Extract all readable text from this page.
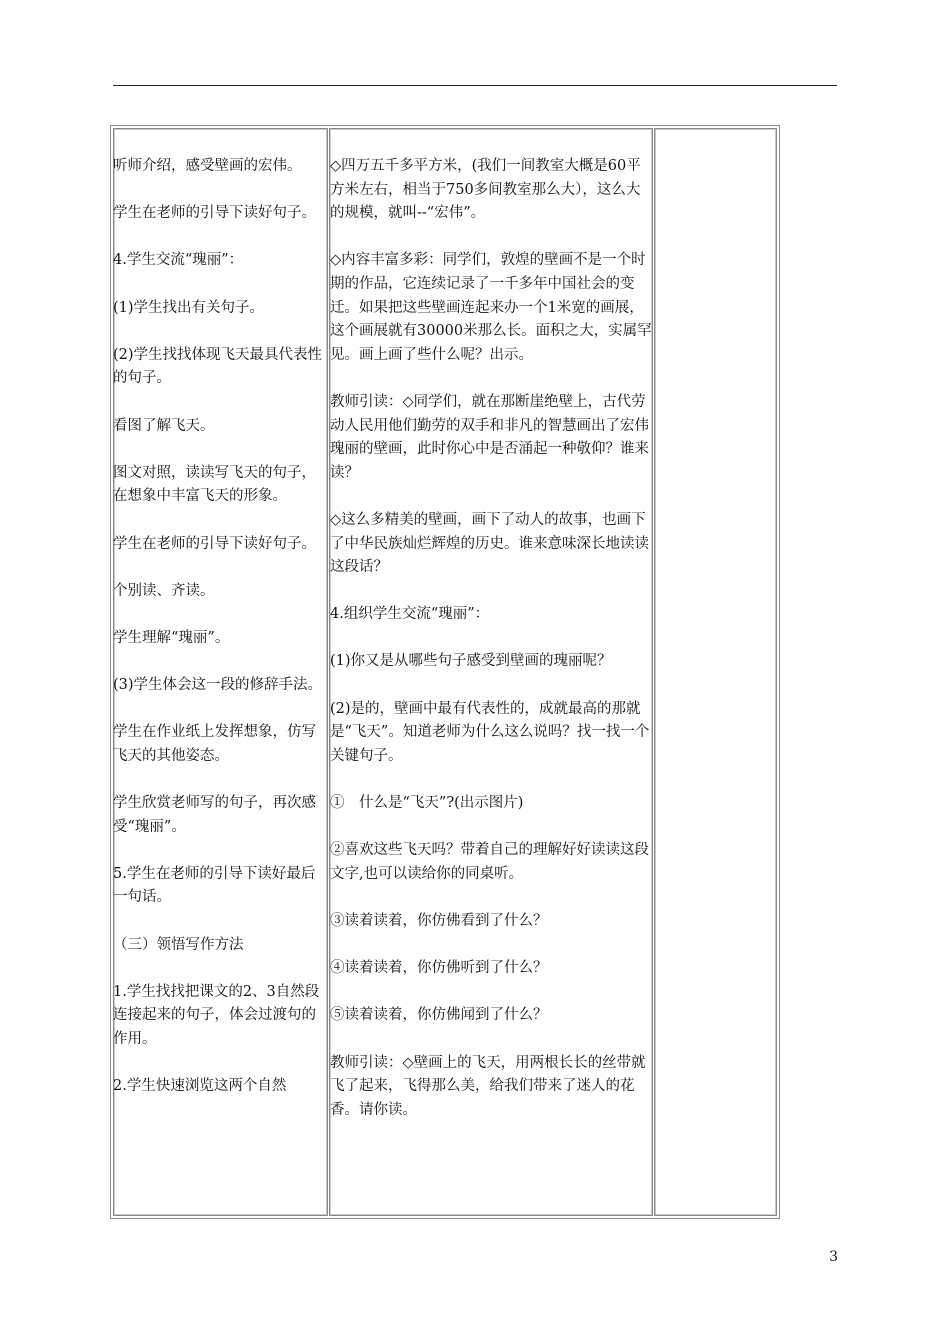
听师介绍，感受壁画的宏伟。

学生在老师的引导下读好句子。

4.学生交流“瑰丽”：

(1)学生找出有关句子。

(2)学生找找体现飞天最具代表性的句子。

看图了解飞天。

图文对照，读读写飞天的句子，在想象中丰富飞天的形象。

学生在老师的引导下读好句子。

个别读、齐读。

学生理解“瑰丽”。

(3)学生体会这一段的修辞手法。

学生在作业纸上发挥想象，仿写飞天的其他姿态。

学生欣赏老师写的句子，再次感受“瑰丽”。

5.学生在老师的引导下读好最后一句话。

（三）领悟写作方法

1.学生找找把课文的2、3自然段连接起来的句子，体会过渡句的作用。

2.学生快速浏览这两个自然

◇四万五千多平方米，(我们一间教室大概是60平方米左右，相当于750多间教室那么大），这么大的规模，就叫--“宏伟”。

◇内容丰富多彩：同学们，敦煌的壁画不是一个时期的作品，它连续记录了一千多年中国社会的变迁。如果把这些壁画连起来办一个1米宽的画展，这个画展就有30000米那么长。面积之大，实属罕见。画上画了些什么呢？出示。

教师引读：◇同学们，就在那断崖绝壁上，古代劳动人民用他们勤劳的双手和非凡的智慧画出了宏伟瑰丽的壁画，此时你心中是否涌起一种敬仰？谁来读？

◇这么多精美的壁画，画下了动人的故事，也画下了中华民族灿烂辉煌的历史。谁来意味深长地读读这段话？

4.组织学生交流“瑰丽”：

(1)你又是从哪些句子感受到壁画的瑰丽呢？

(2)是的，壁画中最有代表性的，成就最高的那就是“飞天”。知道老师为什么这么说吗？找一找一个关键句子。

①　什么是“飞天”?(出示图片)

②喜欢这些飞天吗？带着自己的理解好好读读这段文字,也可以读给你的同桌听。

③读着读着，你仿佛看到了什么？

④读着读着，你仿佛听到了什么？

⑤读着读着，你仿佛闻到了什么？

教师引读：◇壁画上的飞天，用两根长长的丝带就飞了起来，飞得那么美，给我们带来了迷人的花香。请你读。

3
